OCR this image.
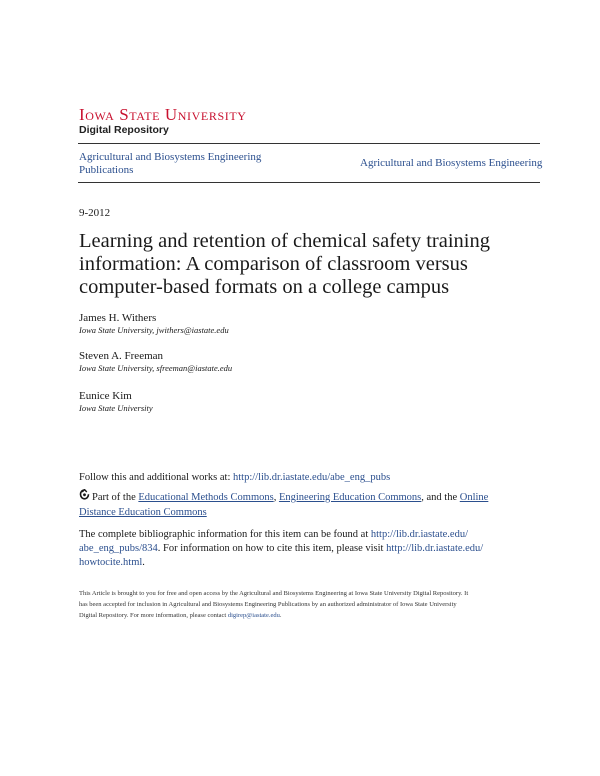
Iowa State University
Digital Repository
Agricultural and Biosystems Engineering
Publications
Agricultural and Biosystems Engineering
9-2012
Learning and retention of chemical safety training
information: A comparison of classroom versus
computer-based formats on a college campus
James H. Withers
Iowa State University, jwithers@iastate.edu
Steven A. Freeman
Iowa State University, sfreeman@iastate.edu
Eunice Kim
Iowa State University
Follow this and additional works at: http://lib.dr.iastate.edu/abe_eng_pubs
Part of the Educational Methods Commons, Engineering Education Commons, and the Online
Distance Education Commons
The complete bibliographic information for this item can be found at http://lib.dr.iastate.edu/
abe_eng_pubs/834. For information on how to cite this item, please visit http://lib.dr.iastate.edu/
howtocite.html.
This Article is brought to you for free and open access by the Agricultural and Biosystems Engineering at Iowa State University Digital Repository. It
has been accepted for inclusion in Agricultural and Biosystems Engineering Publications by an authorized administrator of Iowa State University
Digital Repository. For more information, please contact digirep@iastate.edu.
